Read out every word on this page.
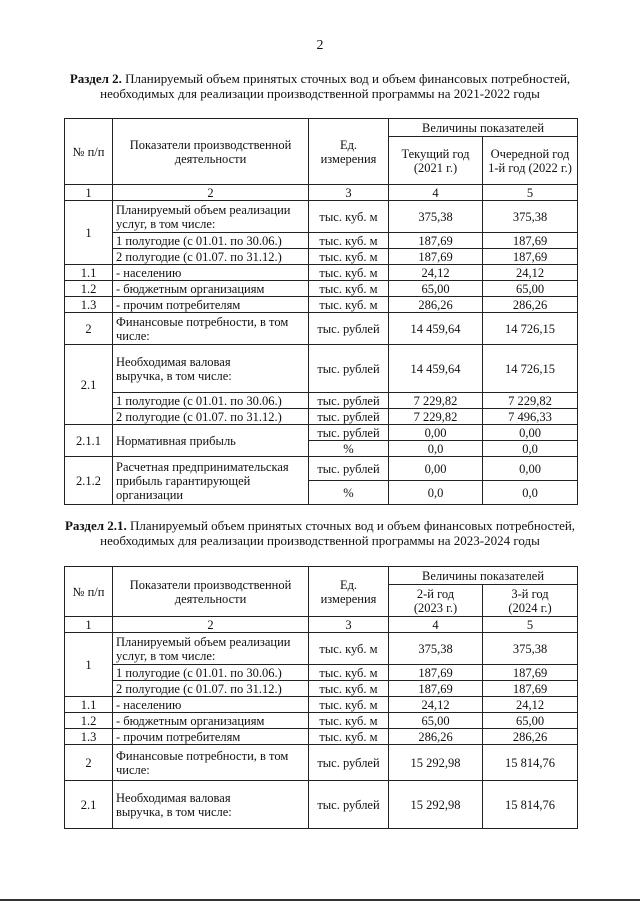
2
Раздел 2. Планируемый объем принятых сточных вод и объем финансовых потребностей, необходимых для реализации производственной программы на 2021-2022 годы
№ п/п	Показатели производственной деятельности	Ед. измерения	Величины показателей	
			Текущий год (2021 г.)	Очередной год 1-й год (2022 г.)
1	2	3	4	5
1	Планируемый объем реализации услуг, в том числе:	тыс. куб. м	375,38	375,38
	1 полугодие (с 01.01. по 30.06.)	тыс. куб. м	187,69	187,69
	2 полугодие (с 01.07. по 31.12.)	тыс. куб. м	187,69	187,69
1.1	- населению	тыс. куб. м	24,12	24,12
1.2	- бюджетным организациям	тыс. куб. м	65,00	65,00
1.3	- прочим потребителям	тыс. куб. м	286,26	286,26
2	Финансовые потребности, в том числе:	тыс. рублей	14 459,64	14 726,15
2.1	Необходимая валовая выручка, в том числе:	тыс. рублей	14 459,64	14 726,15
	1 полугодие (с 01.01. по 30.06.)	тыс. рублей	7 229,82	7 229,82
	2 полугодие (с 01.07. по 31.12.)	тыс. рублей	7 229,82	7 496,33
2.1.1	Нормативная прибыль	тыс. рублей	0,00	0,00
		%	0,0	0,0
2.1.2	Расчетная предпринимательская прибыль гарантирующей организации	тыс. рублей	0,00	0,00
		%	0,0	0,0
Раздел 2.1. Планируемый объем принятых сточных вод и объем финансовых потребностей, необходимых для реализации производственной программы на 2023-2024 годы
№ п/п	Показатели производственной деятельности	Ед. измерения	Величины показателей	
			2-й год (2023 г.)	3-й год (2024 г.)
1	2	3	4	5
1	Планируемый объем реализации услуг, в том числе:	тыс. куб. м	375,38	375,38
	1 полугодие (с 01.01. по 30.06.)	тыс. куб. м	187,69	187,69
	2 полугодие (с 01.07. по 31.12.)	тыс. куб. м	187,69	187,69
1.1	- населению	тыс. куб. м	24,12	24,12
1.2	- бюджетным организациям	тыс. куб. м	65,00	65,00
1.3	- прочим потребителям	тыс. куб. м	286,26	286,26
2	Финансовые потребности, в том числе:	тыс. рублей	15 292,98	15 814,76
2.1	Необходимая валовая выручка, в том числе:	тыс. рублей	15 292,98	15 814,76
